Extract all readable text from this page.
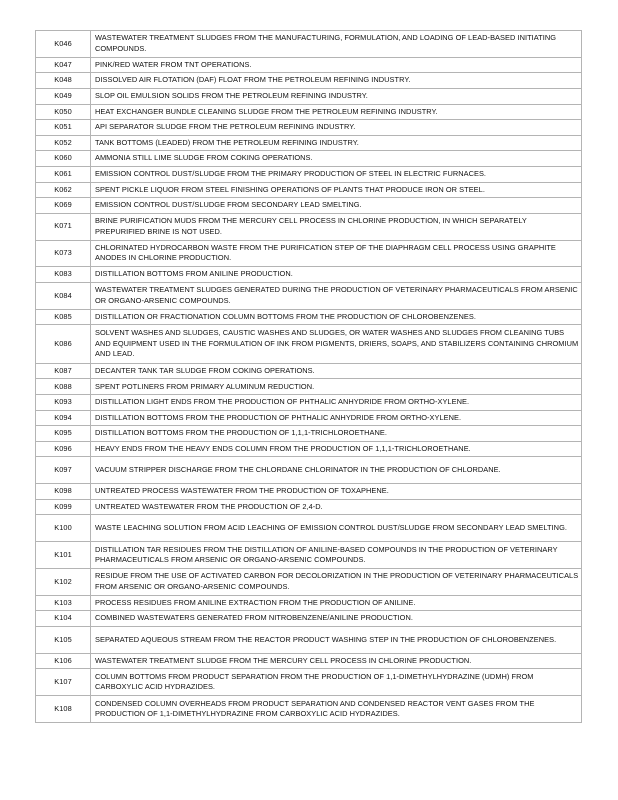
K046	WASTEWATER TREATMENT SLUDGES FROM THE MANUFACTURING, FORMULATION, AND LOADING OF LEAD-BASED INITIATING COMPOUNDS.
K047	PINK/RED WATER FROM TNT OPERATIONS.
K048	DISSOLVED AIR FLOTATION (DAF) FLOAT FROM THE PETROLEUM REFINING INDUSTRY.
K049	SLOP OIL EMULSION SOLIDS FROM THE PETROLEUM REFINING INDUSTRY.
K050	HEAT EXCHANGER BUNDLE CLEANING SLUDGE FROM THE PETROLEUM REFINING INDUSTRY.
K051	API SEPARATOR SLUDGE FROM THE PETROLEUM REFINING INDUSTRY.
K052	TANK BOTTOMS (LEADED) FROM THE PETROLEUM REFINING INDUSTRY.
K060	AMMONIA STILL LIME SLUDGE FROM COKING OPERATIONS.
K061	EMISSION CONTROL DUST/SLUDGE FROM THE PRIMARY PRODUCTION OF STEEL IN ELECTRIC FURNACES.
K062	SPENT PICKLE LIQUOR FROM STEEL FINISHING OPERATIONS OF PLANTS THAT PRODUCE IRON OR STEEL.
K069	EMISSION CONTROL DUST/SLUDGE FROM SECONDARY LEAD SMELTING.
K071	BRINE PURIFICATION MUDS FROM THE MERCURY CELL PROCESS IN CHLORINE PRODUCTION, IN WHICH SEPARATELY PREPURIFIED BRINE IS NOT USED.
K073	CHLORINATED HYDROCARBON WASTE FROM THE PURIFICATION STEP OF THE DIAPHRAGM CELL PROCESS USING GRAPHITE ANODES IN CHLORINE PRODUCTION.
K083	DISTILLATION BOTTOMS FROM ANILINE PRODUCTION.
K084	WASTEWATER TREATMENT SLUDGES GENERATED DURING THE PRODUCTION OF VETERINARY PHARMACEUTICALS FROM ARSENIC OR ORGANO-ARSENIC COMPOUNDS.
K085	DISTILLATION OR FRACTIONATION COLUMN BOTTOMS FROM THE PRODUCTION OF CHLOROBENZENES.
K086	SOLVENT WASHES AND SLUDGES, CAUSTIC WASHES AND SLUDGES, OR WATER WASHES AND SLUDGES FROM CLEANING TUBS AND EQUIPMENT USED IN THE FORMULATION OF INK FROM PIGMENTS, DRIERS, SOAPS, AND STABILIZERS CONTAINING CHROMIUM AND LEAD.
K087	DECANTER TANK TAR SLUDGE FROM COKING OPERATIONS.
K088	SPENT POTLINERS FROM PRIMARY ALUMINUM REDUCTION.
K093	DISTILLATION LIGHT ENDS FROM THE PRODUCTION OF PHTHALIC ANHYDRIDE FROM ORTHO-XYLENE.
K094	DISTILLATION BOTTOMS FROM THE PRODUCTION OF PHTHALIC ANHYDRIDE FROM ORTHO-XYLENE.
K095	DISTILLATION BOTTOMS FROM THE PRODUCTION OF 1,1,1-TRICHLOROETHANE.
K096	HEAVY ENDS FROM THE HEAVY ENDS COLUMN FROM THE PRODUCTION OF 1,1,1-TRICHLOROETHANE.
K097	VACUUM STRIPPER DISCHARGE FROM THE CHLORDANE CHLORINATOR IN THE PRODUCTION OF CHLORDANE.
K098	UNTREATED PROCESS WASTEWATER FROM THE PRODUCTION OF TOXAPHENE.
K099	UNTREATED WASTEWATER FROM THE PRODUCTION OF 2,4-D.
K100	WASTE LEACHING SOLUTION FROM ACID LEACHING OF EMISSION CONTROL DUST/SLUDGE FROM SECONDARY LEAD SMELTING.
K101	DISTILLATION TAR RESIDUES FROM THE DISTILLATION OF ANILINE-BASED COMPOUNDS IN THE PRODUCTION OF VETERINARY PHARMACEUTICALS FROM ARSENIC OR ORGANO-ARSENIC COMPOUNDS.
K102	RESIDUE FROM THE USE OF ACTIVATED CARBON FOR DECOLORIZATION IN THE PRODUCTION OF VETERINARY PHARMACEUTICALS FROM ARSENIC OR ORGANO-ARSENIC COMPOUNDS.
K103	PROCESS RESIDUES FROM ANILINE EXTRACTION FROM THE PRODUCTION OF ANILINE.
K104	COMBINED WASTEWATERS GENERATED FROM NITROBENZENE/ANILINE PRODUCTION.
K105	SEPARATED AQUEOUS STREAM FROM THE REACTOR PRODUCT WASHING STEP IN THE PRODUCTION OF CHLOROBENZENES.
K106	WASTEWATER TREATMENT SLUDGE FROM THE MERCURY CELL PROCESS IN CHLORINE PRODUCTION.
K107	COLUMN BOTTOMS FROM PRODUCT SEPARATION FROM THE PRODUCTION OF 1,1-DIMETHYLHYDRAZINE (UDMH) FROM CARBOXYLIC ACID HYDRAZIDES.
K108	CONDENSED COLUMN OVERHEADS FROM PRODUCT SEPARATION AND CONDENSED REACTOR VENT GASES FROM THE PRODUCTION OF 1,1-DIMETHYLHYDRAZINE FROM CARBOXYLIC ACID HYDRAZIDES.
